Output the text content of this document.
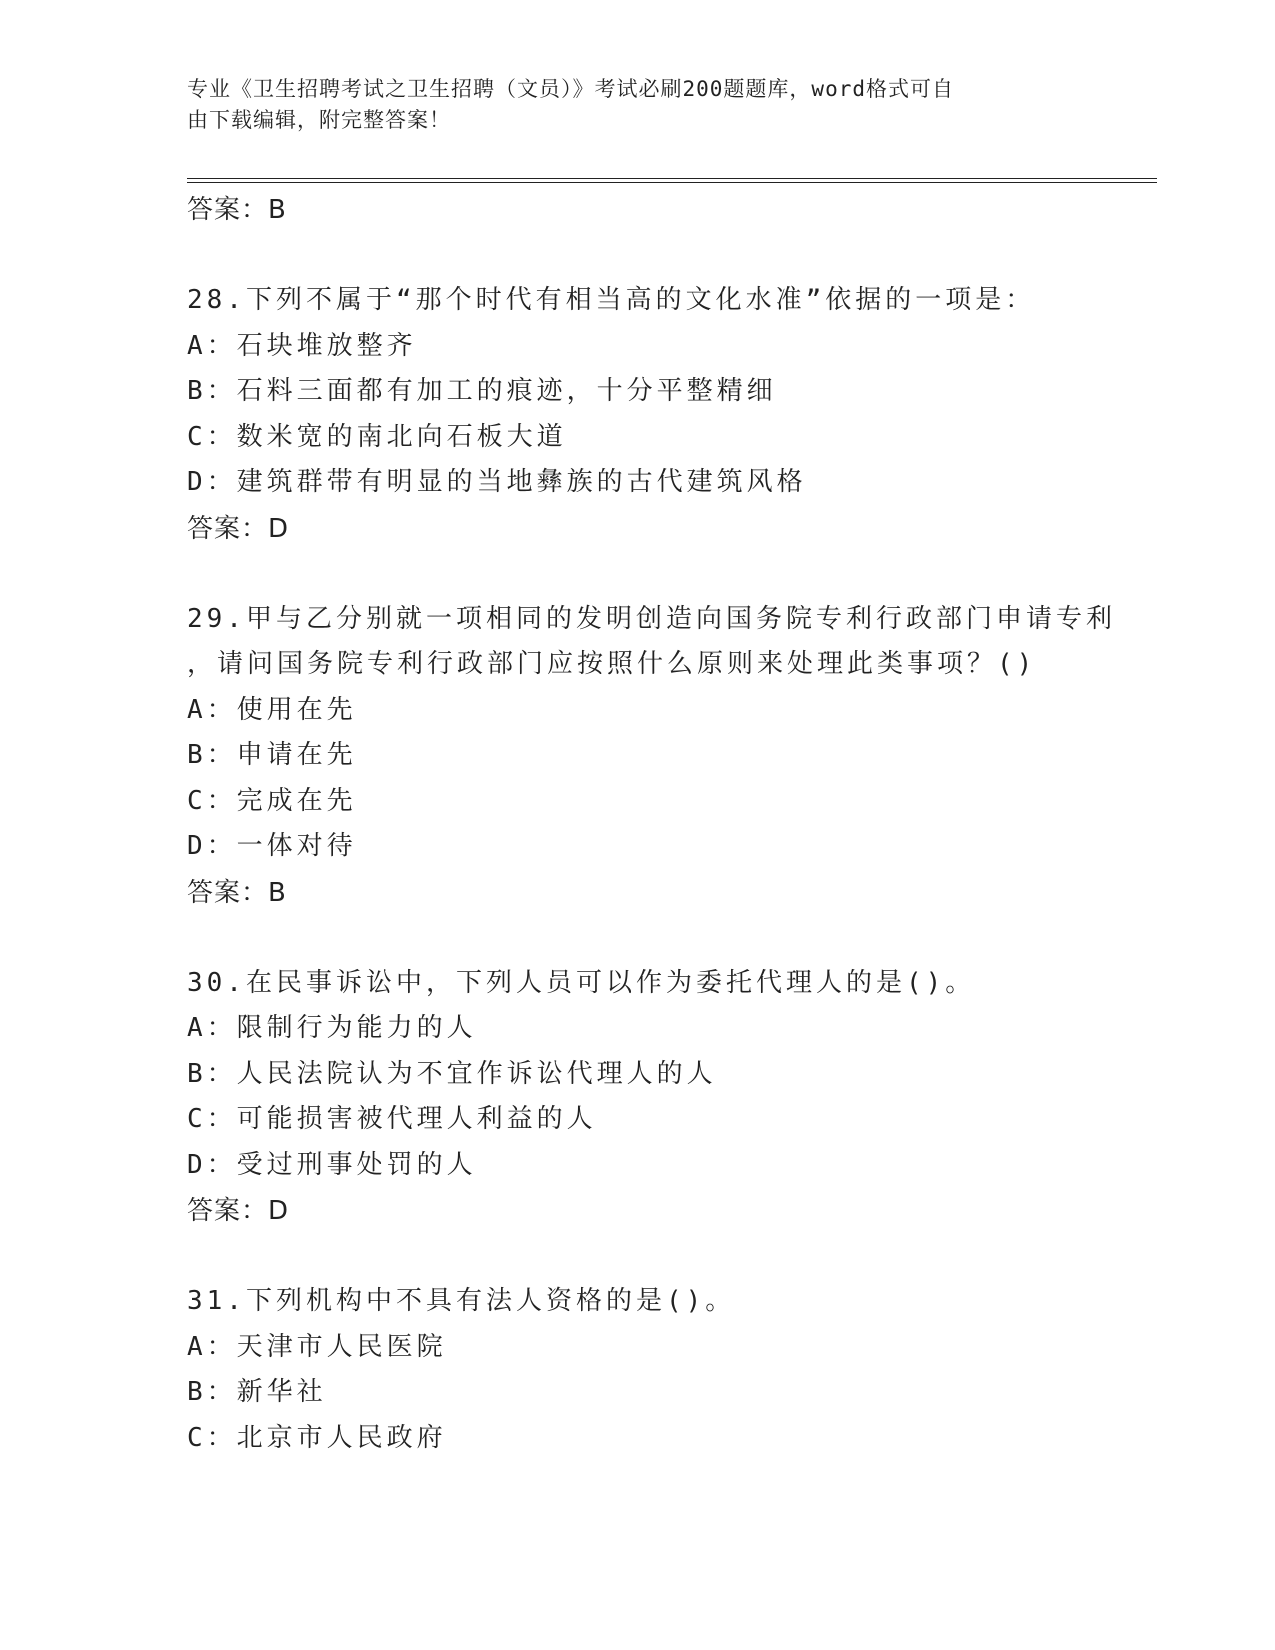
专业《卫生招聘考试之卫生招聘（文员）》考试必刷200题题库，word格式可自
由下载编辑，附完整答案！
答案：B
28.下列不属于“那个时代有相当高的文化水准”依据的一项是：
A：石块堆放整齐
B：石料三面都有加工的痕迹，十分平整精细
C：数米宽的南北向石板大道
D：建筑群带有明显的当地彝族的古代建筑风格
答案：D
29.甲与乙分别就一项相同的发明创造向国务院专利行政部门申请专利
，请问国务院专利行政部门应按照什么原则来处理此类事项？()
A：使用在先
B：申请在先
C：完成在先
D：一体对待
答案：B
30.在民事诉讼中，下列人员可以作为委托代理人的是()。
A：限制行为能力的人
B：人民法院认为不宜作诉讼代理人的人
C：可能损害被代理人利益的人
D：受过刑事处罚的人
答案：D
31.下列机构中不具有法人资格的是()。
A：天津市人民医院
B：新华社
C：北京市人民政府
